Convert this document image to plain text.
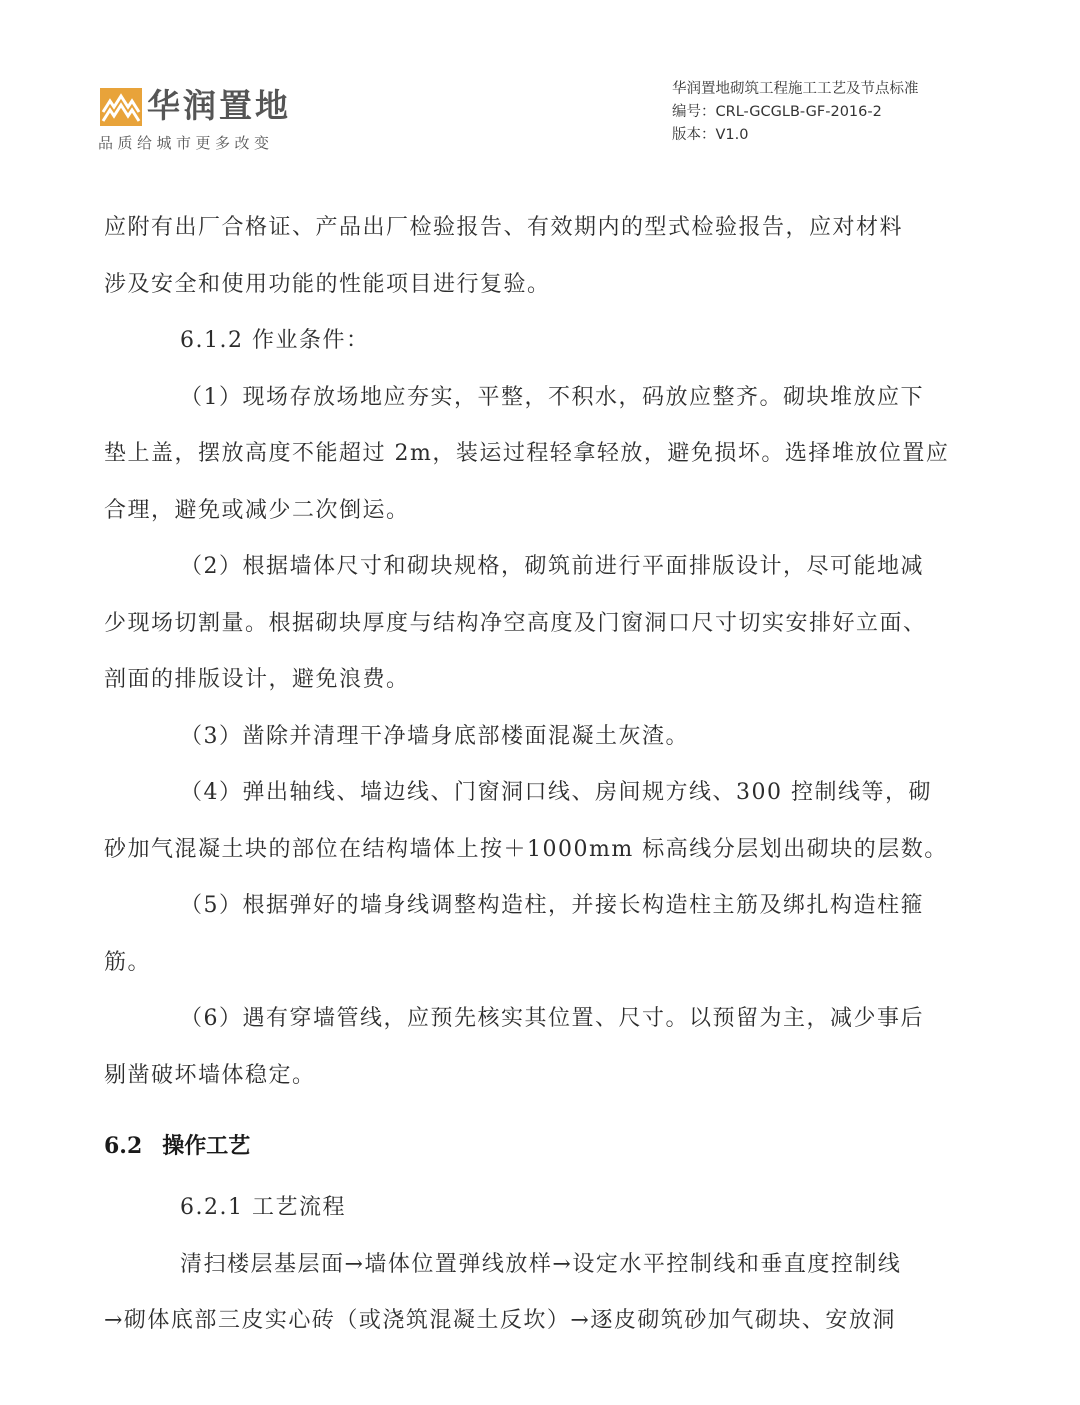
华润置地
品质给城市更多改变
华润置地砌筑工程施工工艺及节点标准
编号：CRL-GCGLB-GF-2016-2
版本：V1.0
应附有出厂合格证、产品出厂检验报告、有效期内的型式检验报告，应对材料
涉及安全和使用功能的性能项目进行复验。
6.1.2 作业条件：
（1）现场存放场地应夯实，平整，不积水，码放应整齐。砌块堆放应下
垫上盖，摆放高度不能超过 2m，装运过程轻拿轻放，避免损坏。选择堆放位置应
合理，避免或减少二次倒运。
（2）根据墙体尺寸和砌块规格，砌筑前进行平面排版设计，尽可能地减
少现场切割量。根据砌块厚度与结构净空高度及门窗洞口尺寸切实安排好立面、
剖面的排版设计，避免浪费。
（3）凿除并清理干净墙身底部楼面混凝土灰渣。
（4）弹出轴线、墙边线、门窗洞口线、房间规方线、300 控制线等，砌
砂加气混凝土块的部位在结构墙体上按＋1000mm 标高线分层划出砌块的层数。
（5）根据弹好的墙身线调整构造柱，并接长构造柱主筋及绑扎构造柱箍
筋。
（6）遇有穿墙管线，应预先核实其位置、尺寸。以预留为主，减少事后
剔凿破坏墙体稳定。
6.2 操作工艺
6.2.1 工艺流程
清扫楼层基层面→墙体位置弹线放样→设定水平控制线和垂直度控制线
→砌体底部三皮实心砖（或浇筑混凝土反坎）→逐皮砌筑砂加气砌块、安放洞
